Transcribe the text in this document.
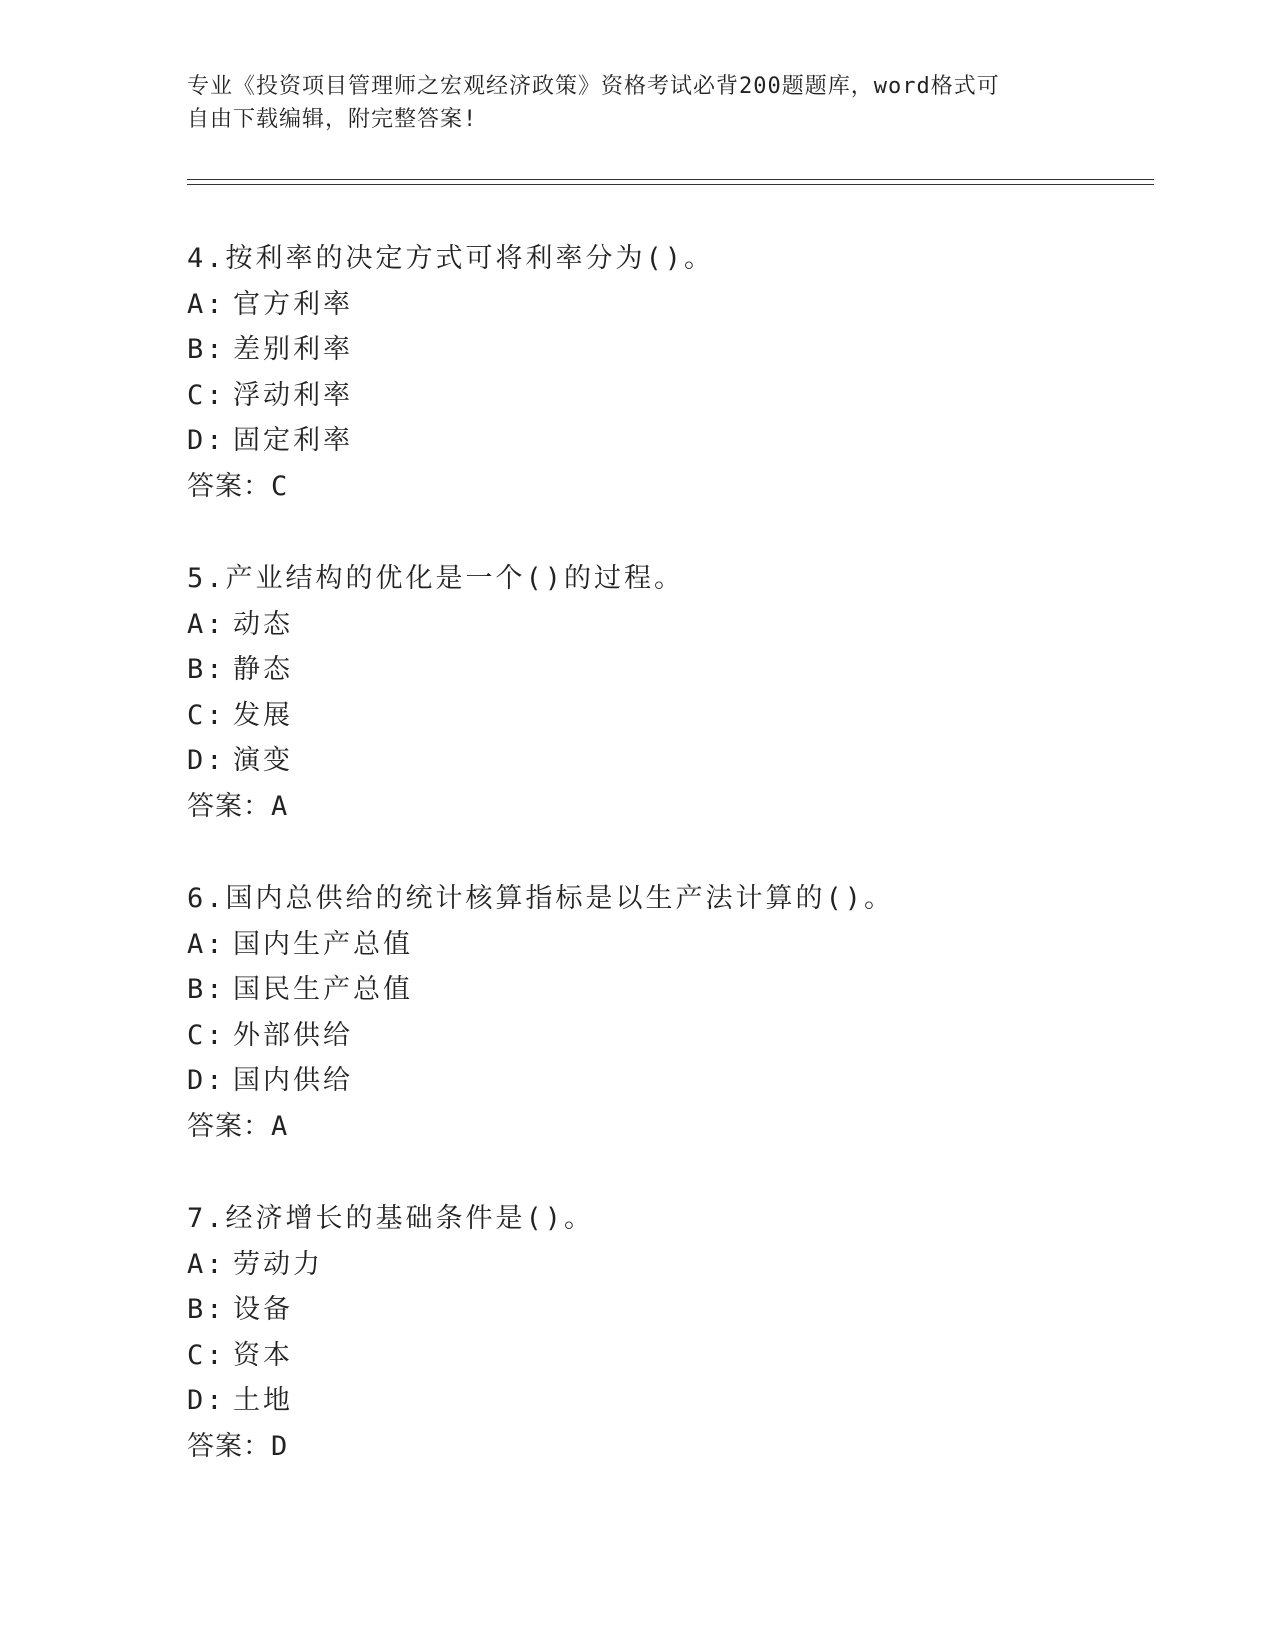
专业《投资项目管理师之宏观经济政策》资格考试必背200题题库，word格式可
自由下载编辑，附完整答案!
4.按利率的决定方式可将利率分为()。
A: 官方利率
B: 差别利率
C: 浮动利率
D: 固定利率
答案：C
5.产业结构的优化是一个()的过程。
A: 动态
B: 静态
C: 发展
D: 演变
答案：A
6.国内总供给的统计核算指标是以生产法计算的()。
A: 国内生产总值
B: 国民生产总值
C: 外部供给
D: 国内供给
答案：A
7.经济增长的基础条件是()。
A: 劳动力
B: 设备
C: 资本
D: 土地
答案：D
